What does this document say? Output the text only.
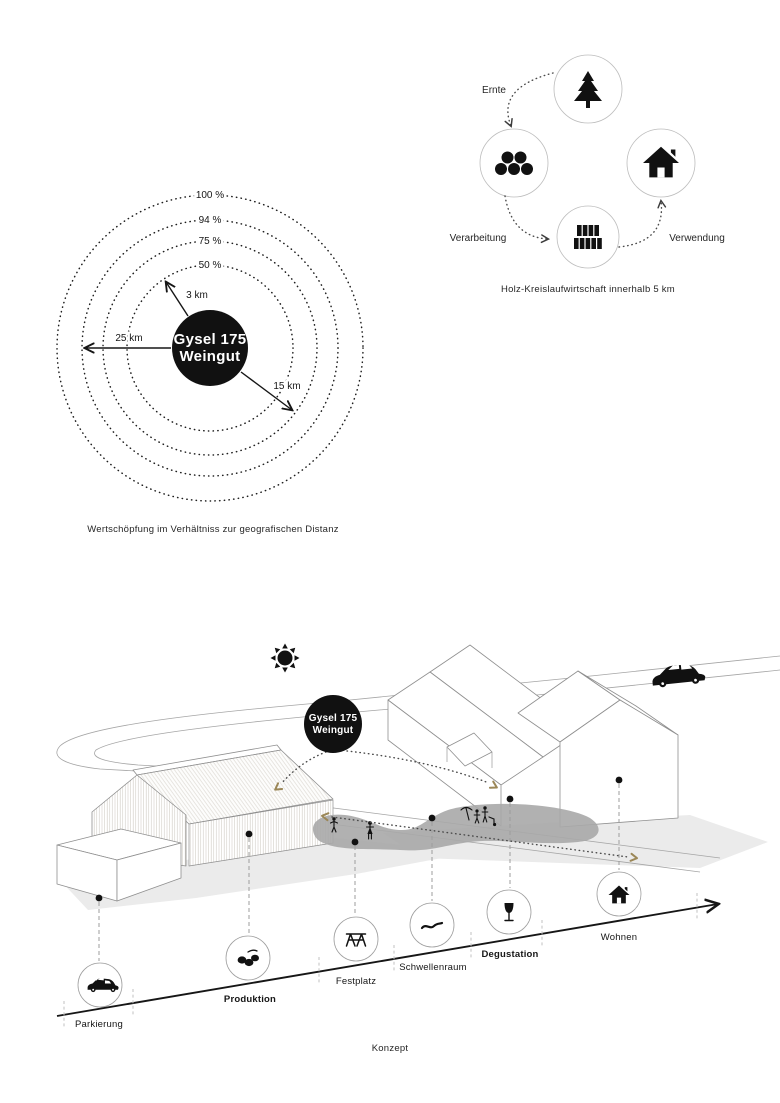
100 %
94 %
75 %
50 %
3 km
25 km
15 km
Gysel 175
Weingut
Wertschöpfung im Verhältniss zur geografischen Distanz
Ernte
Verarbeitung	Verwendung
Holz-Kreislaufwirtschaft innerhalb 5 km
Gysel 175
Weingut
Parkierung
Produktion
Festplatz
Schwellenraum
Degustation
Wohnen
Konzept
